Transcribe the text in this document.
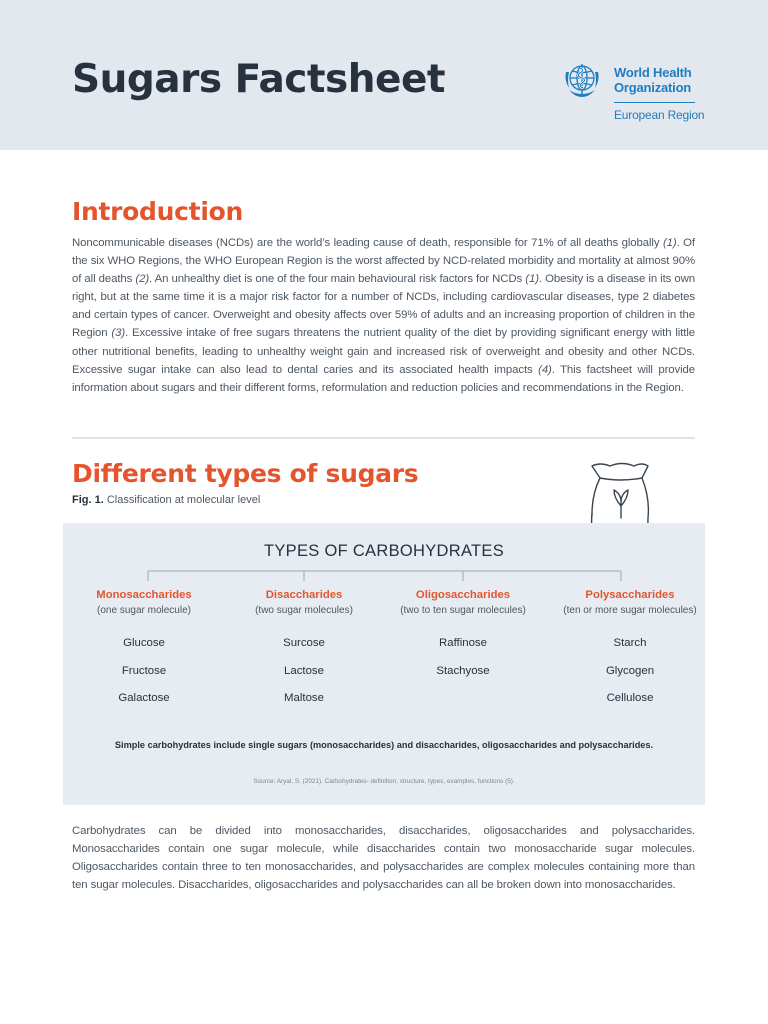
Sugars Factsheet	World Health
Organization
European Region
Introduction

Noncommunicable diseases (NCDs) are the world’s leading cause of death, responsible for 71% of all deaths globally (1). Of the six WHO Regions, the WHO European Region is the worst affected by NCD-related morbidity and mortality at almost 90% of all deaths (2). An unhealthy diet is one of the four main behavioural risk factors for NCDs (1). Obesity is a disease in its own right, but at the same time it is a major risk factor for a number of NCDs, including cardiovascular diseases, type 2 diabetes and certain types of cancer. Overweight and obesity affects over 59% of adults and an increasing proportion of children in the Region (3). Excessive intake of free sugars threatens the nutrient quality of the diet by providing significant energy with little other nutritional benefits, leading to unhealthy weight gain and increased risk of overweight and obesity and other NCDs. Excessive sugar intake can also lead to dental caries and its associated health impacts (4). This factsheet will provide information about sugars and their different forms, reformulation and reduction policies and recommendations in the Region.

Different types of sugars
Fig. 1. Classification at molecular level
TYPES OF CARBOHYDRATES
Monosaccharides
(one sugar molecule)
Glucose
Fructose
Galactose
Disaccharides
(two sugar molecules)
Surcose
Lactose
Maltose
Oligosaccharides
(two to ten sugar molecules)
Raffinose
Stachyose
Polysaccharides
(ten or more sugar molecules)
Starch
Glycogen
Cellulose
Simple carbohydrates include single sugars (monosaccharides) and disaccharides, oligosaccharides and polysaccharides.
Source: Aryal, S. (2021). Carbohydrates- definition, structure, types, examples, functions (5).

Carbohydrates can be divided into monosaccharides, disaccharides, oligosaccharides and polysaccharides. Monosaccharides contain one sugar molecule, while disaccharides contain two monosaccharide sugar molecules. Oligosaccharides contain three to ten monosaccharides, and polysaccharides are complex molecules containing more than ten sugar molecules. Disaccharides, oligosaccharides and polysaccharides can all be broken down into monosaccharides.
